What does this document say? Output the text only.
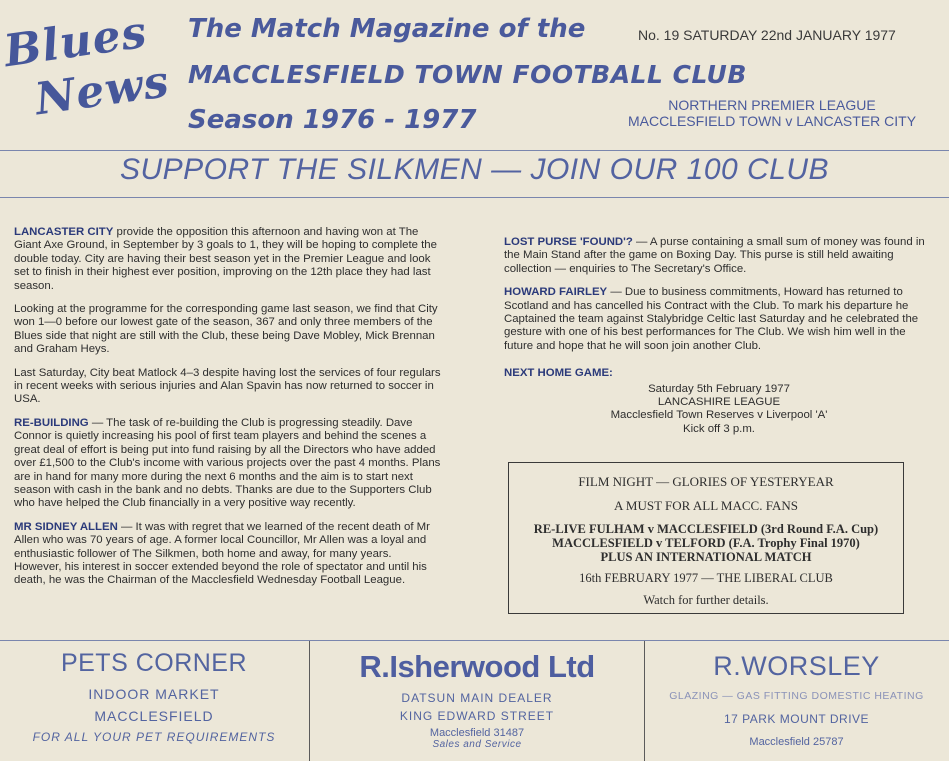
Blues
News
The Match Magazine of the
MACCLESFIELD TOWN FOOTBALL CLUB
Season 1976 - 1977
No. 19 SATURDAY 22nd JANUARY 1977
NORTHERN PREMIER LEAGUE
MACCLESFIELD TOWN v LANCASTER CITY
SUPPORT THE SILKMEN — JOIN OUR 100 CLUB

LANCASTER CITY provide the opposition this afternoon and having won at The Giant Axe Ground, in September by 3 goals to 1, they will be hoping to complete the double today. City are having their best season yet in the Premier League and look set to finish in their highest ever position, improving on the 12th place they had last season.

Looking at the programme for the corresponding game last season, we find that City won 1—0 before our lowest gate of the season, 367 and only three members of the Blues side that night are still with the Club, these being Dave Mobley, Mick Brennan and Graham Heys.

Last Saturday, City beat Matlock 4–3 despite having lost the services of four regulars in recent weeks with serious injuries and Alan Spavin has now returned to soccer in USA.

RE-BUILDING — The task of re-building the Club is progressing steadily. Dave Connor is quietly increasing his pool of first team players and behind the scenes a great deal of effort is being put into fund raising by all the Directors who have added over £1,500 to the Club's income with various projects over the past 4 months. Plans are in hand for many more during the next 6 months and the aim is to start next season with cash in the bank and no debts. Thanks are due to the Supporters Club who have helped the Club financially in a very positive way recently.

MR SIDNEY ALLEN — It was with regret that we learned of the recent death of Mr Allen who was 70 years of age. A former local Councillor, Mr Allen was a loyal and enthusiastic follower of The Silkmen, both home and away, for many years. However, his interest in soccer extended beyond the role of spectator and until his death, he was the Chairman of the Macclesfield Wednesday Football League.

LOST PURSE 'FOUND'? — A purse containing a small sum of money was found in the Main Stand after the game on Boxing Day. This purse is still held awaiting collection — enquiries to The Secretary's Office.

HOWARD FAIRLEY — Due to business commitments, Howard has returned to Scotland and has cancelled his Contract with the Club. To mark his departure he Captained the team against Stalybridge Celtic last Saturday and he celebrated the gesture with one of his best performances for The Club. We wish him well in the future and hope that he will soon join another Club.

NEXT HOME GAME:
Saturday 5th February 1977
LANCASHIRE LEAGUE
Macclesfield Town Reserves v Liverpool 'A'
Kick off 3 p.m.
FILM NIGHT — GLORIES OF YESTERYEAR
A MUST FOR ALL MACC. FANS
RE-LIVE FULHAM v MACCLESFIELD (3rd Round F.A. Cup)
MACCLESFIELD v TELFORD (F.A. Trophy Final 1970)
PLUS AN INTERNATIONAL MATCH
16th FEBRUARY 1977 — THE LIBERAL CLUB
Watch for further details.
PETS CORNER
INDOOR MARKET
MACCLESFIELD
FOR ALL YOUR PET REQUIREMENTS
R.Isherwood Ltd
DATSUN MAIN DEALER
KING EDWARD STREET
Macclesfield 31487
Sales and Service
R.WORSLEY
GLAZING — GAS FITTING DOMESTIC HEATING
17 PARK MOUNT DRIVE
Macclesfield 25787
